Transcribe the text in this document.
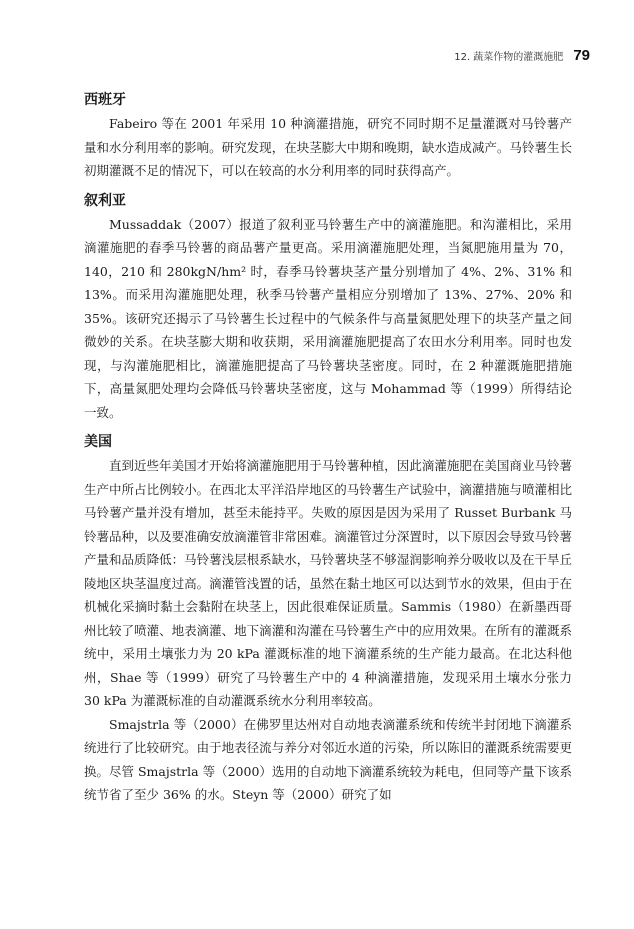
12. 蔬菜作物的灌溉施肥 79
西班牙

Fabeiro 等在 2001 年采用 10 种滴灌措施，研究不同时期不足量灌溉对马铃薯产量和水分利用率的影响。研究发现，在块茎膨大中期和晚期，缺水造成减产。马铃薯生长初期灌溉不足的情况下，可以在较高的水分利用率的同时获得高产。

叙利亚

Mussaddak（2007）报道了叙利亚马铃薯生产中的滴灌施肥。和沟灌相比，采用滴灌施肥的春季马铃薯的商品薯产量更高。采用滴灌施肥处理，当氮肥施用量为 70，140，210 和 280kgN/hm² 时，春季马铃薯块茎产量分别增加了 4%、2%、31% 和 13%。而采用沟灌施肥处理，秋季马铃薯产量相应分别增加了 13%、27%、20% 和 35%。该研究还揭示了马铃薯生长过程中的气候条件与高量氮肥处理下的块茎产量之间微妙的关系。在块茎膨大期和收获期，采用滴灌施肥提高了农田水分利用率。同时也发现，与沟灌施肥相比，滴灌施肥提高了马铃薯块茎密度。同时，在 2 种灌溉施肥措施下，高量氮肥处理均会降低马铃薯块茎密度，这与 Mohammad 等（1999）所得结论一致。

美国

直到近些年美国才开始将滴灌施肥用于马铃薯种植，因此滴灌施肥在美国商业马铃薯生产中所占比例较小。在西北太平洋沿岸地区的马铃薯生产试验中，滴灌措施与喷灌相比马铃薯产量并没有增加，甚至未能持平。失败的原因是因为采用了 Russet Burbank 马铃薯品种，以及要准确安放滴灌管非常困难。滴灌管过分深置时，以下原因会导致马铃薯产量和品质降低：马铃薯浅层根系缺水，马铃薯块茎不够湿润影响养分吸收以及在干旱丘陵地区块茎温度过高。滴灌管浅置的话，虽然在黏土地区可以达到节水的效果，但由于在机械化采摘时黏土会黏附在块茎上，因此很难保证质量。Sammis（1980）在新墨西哥州比较了喷灌、地表滴灌、地下滴灌和沟灌在马铃薯生产中的应用效果。在所有的灌溉系统中，采用土壤张力为 20 kPa 灌溉标准的地下滴灌系统的生产能力最高。在北达科他州，Shae 等（1999）研究了马铃薯生产中的 4 种滴灌措施，发现采用土壤水分张力 30 kPa 为灌溉标准的自动灌溉系统水分利用率较高。

Smajstrla 等（2000）在佛罗里达州对自动地表滴灌系统和传统半封闭地下滴灌系统进行了比较研究。由于地表径流与养分对邻近水道的污染，所以陈旧的灌溉系统需要更换。尽管 Smajstrla 等（2000）选用的自动地下滴灌系统较为耗电，但同等产量下该系统节省了至少 36% 的水。Steyn 等（2000）研究了如
